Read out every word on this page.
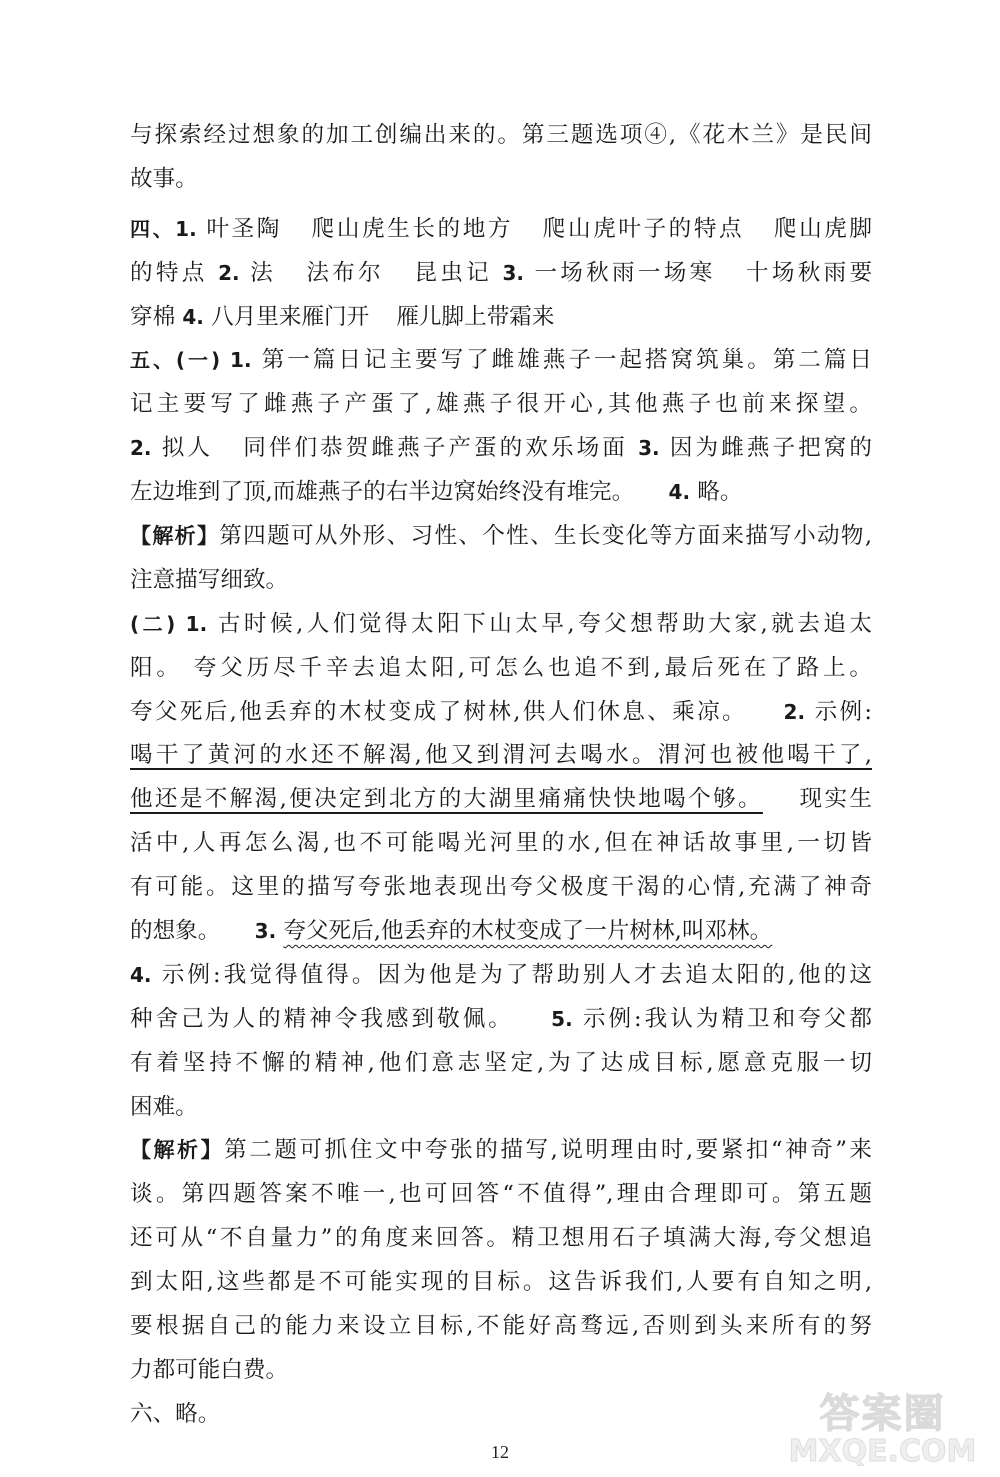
与探索经过想象的加工创编出来的。第三题选项④,《花木兰》是民间
故事。
四、1. 叶圣陶 爬山虎生长的地方 爬山虎叶子的特点 爬山虎脚
的特点 2. 法 法布尔 昆虫记 3. 一场秋雨一场寒 十场秋雨要
穿棉 4. 八月里来雁门开 雁儿脚上带霜来
五、(一) 1. 第一篇日记主要写了雌雄燕子一起搭窝筑巢。第二篇日
记主要写了雌燕子产蛋了,雄燕子很开心,其他燕子也前来探望。
2. 拟人 同伴们恭贺雌燕子产蛋的欢乐场面 3. 因为雌燕子把窝的
左边堆到了顶,而雄燕子的右半边窝始终没有堆完。 4. 略。
【解析】第四题可从外形、习性、个性、生长变化等方面来描写小动物,
注意描写细致。
(二) 1. 古时候,人们觉得太阳下山太早,夸父想帮助大家,就去追太
阳。 夸父历尽千辛去追太阳,可怎么也追不到,最后死在了路上。
夸父死后,他丢弃的木杖变成了树林,供人们休息、乘凉。 2. 示例:
喝干了黄河的水还不解渴,他又到渭河去喝水。渭河也被他喝干了,
他还是不解渴,便决定到北方的大湖里痛痛快快地喝个够。 现实生
活中,人再怎么渴,也不可能喝光河里的水,但在神话故事里,一切皆
有可能。这里的描写夸张地表现出夸父极度干渴的心情,充满了神奇
的想象。 3. 夸父死后,他丢弃的木杖变成了一片树林,叫邓林。
4. 示例:我觉得值得。因为他是为了帮助别人才去追太阳的,他的这
种舍己为人的精神令我感到敬佩。 5. 示例:我认为精卫和夸父都
有着坚持不懈的精神,他们意志坚定,为了达成目标,愿意克服一切
困难。
【解析】第二题可抓住文中夸张的描写,说明理由时,要紧扣“神奇”来
谈。第四题答案不唯一,也可回答“不值得”,理由合理即可。第五题
还可从“不自量力”的角度来回答。精卫想用石子填满大海,夸父想追
到太阳,这些都是不可能实现的目标。这告诉我们,人要有自知之明,
要根据自己的能力来设立目标,不能好高骛远,否则到头来所有的努
力都可能白费。
六、略。
12
答案圈
MXQE.COM
